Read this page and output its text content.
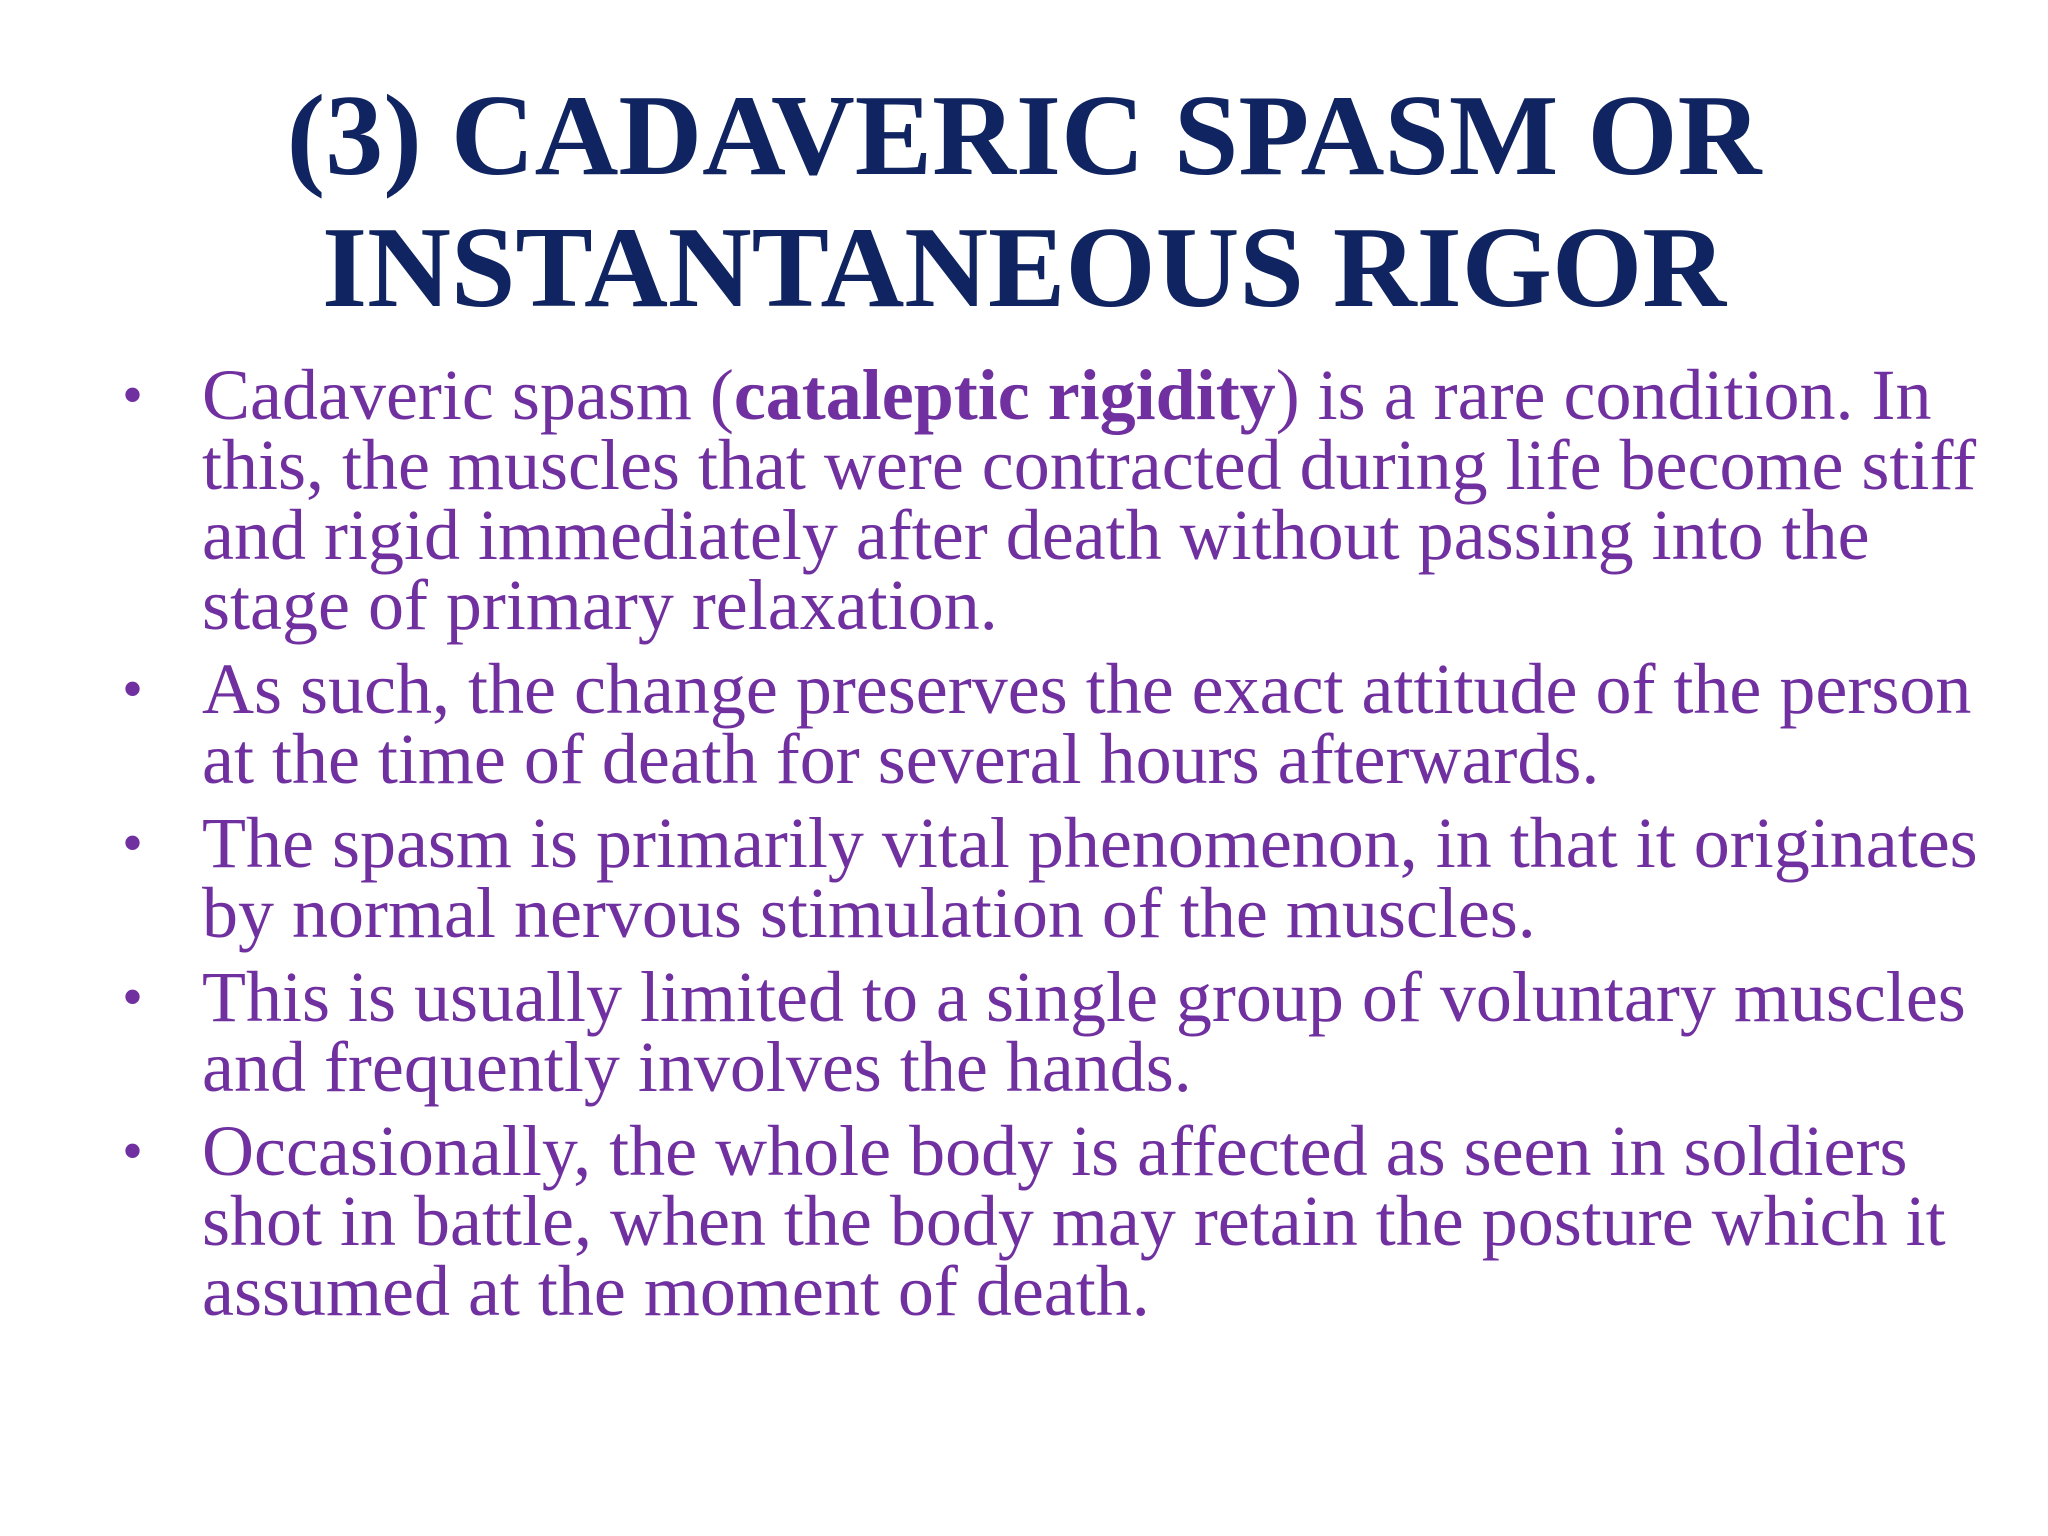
(3) CADAVERIC SPASM OR
INSTANTANEOUS RIGOR
• Cadaveric spasm (cataleptic rigidity) is a rare condition. In this, the muscles that were contracted during life become stiff and rigid immediately after death without passing into the stage of primary relaxation.
• As such, the change preserves the exact attitude of the person at the time of death for several hours afterwards.
• The spasm is primarily vital phenomenon, in that it originates by normal nervous stimulation of the muscles.
• This is usually limited to a single group of voluntary muscles and frequently involves the hands.
• Occasionally, the whole body is affected as seen in soldiers shot in battle, when the body may retain the posture which it assumed at the moment of death.
